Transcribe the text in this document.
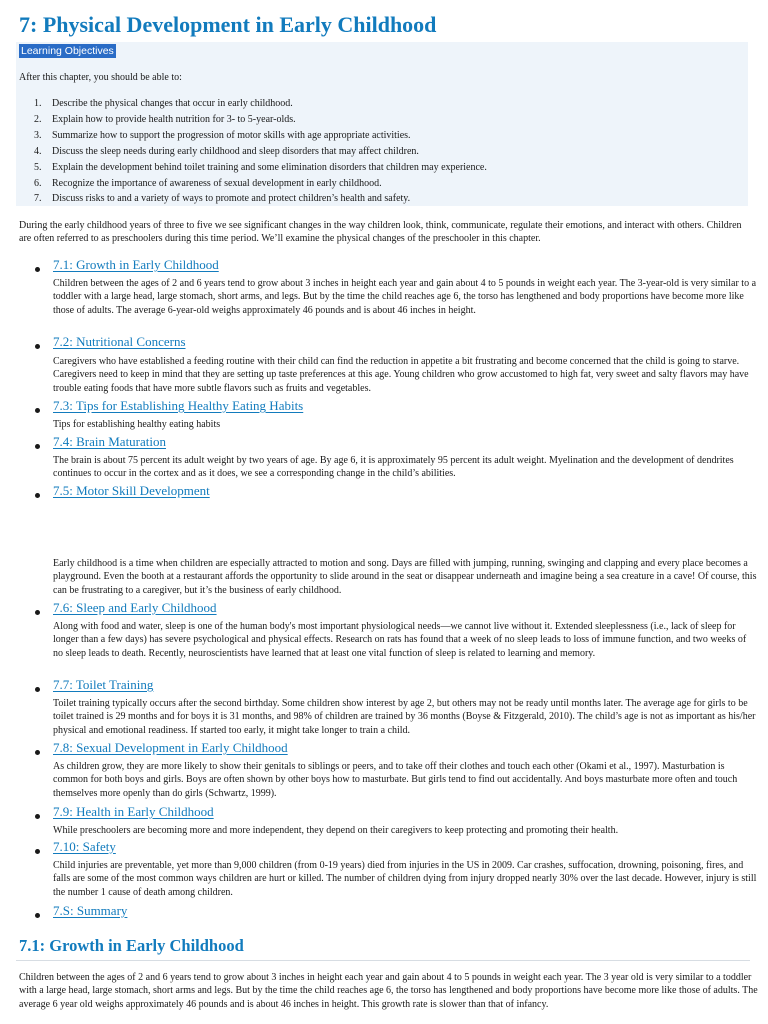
7: Physical Development in Early Childhood
Learning Objectives
After this chapter, you should be able to:
1. Describe the physical changes that occur in early childhood.
2. Explain how to provide health nutrition for 3- to 5-year-olds.
3. Summarize how to support the progression of motor skills with age appropriate activities.
4. Discuss the sleep needs during early childhood and sleep disorders that may affect children.
5. Explain the development behind toilet training and some elimination disorders that children may experience.
6. Recognize the importance of awareness of sexual development in early childhood.
7. Discuss risks to and a variety of ways to promote and protect children’s health and safety.

During the early childhood years of three to five we see significant changes in the way children look, think, communicate, regulate their emotions, and interact with others. Children are often referred to as preschoolers during this time period. We’ll examine the physical changes of the preschooler in this chapter.

7.1: Growth in Early Childhood

Children between the ages of 2 and 6 years tend to grow about 3 inches in height each year and gain about 4 to 5 pounds in weight each year. The 3-year-old is very similar to a toddler with a large head, large stomach, short arms, and legs. But by the time the child reaches age 6, the torso has lengthened and body proportions have become more like those of adults. The average 6-year-old weighs approximately 46 pounds and is about 46 inches in height.

7.2: Nutritional Concerns

Caregivers who have established a feeding routine with their child can find the reduction in appetite a bit frustrating and become concerned that the child is going to starve. Caregivers need to keep in mind that they are setting up taste preferences at this age. Young children who grow accustomed to high fat, very sweet and salty flavors may have trouble eating foods that have more subtle flavors such as fruits and vegetables.

7.3: Tips for Establishing Healthy Eating Habits

Tips for establishing healthy eating habits

7.4: Brain Maturation

The brain is about 75 percent its adult weight by two years of age. By age 6, it is approximately 95 percent its adult weight. Myelination and the development of dendrites continues to occur in the cortex and as it does, we see a corresponding change in the child’s abilities.

7.5: Motor Skill Development

Early childhood is a time when children are especially attracted to motion and song. Days are filled with jumping, running, swinging and clapping and every place becomes a playground. Even the booth at a restaurant affords the opportunity to slide around in the seat or disappear underneath and imagine being a sea creature in a cave! Of course, this can be frustrating to a caregiver, but it’s the business of early childhood.

7.6: Sleep and Early Childhood

Along with food and water, sleep is one of the human body's most important physiological needs—we cannot live without it. Extended sleeplessness (i.e., lack of sleep for longer than a few days) has severe psychological and physical effects. Research on rats has found that a week of no sleep leads to loss of immune function, and two weeks of no sleep leads to death. Recently, neuroscientists have learned that at least one vital function of sleep is related to learning and memory.

7.7: Toilet Training

Toilet training typically occurs after the second birthday. Some children show interest by age 2, but others may not be ready until months later. The average age for girls to be toilet trained is 29 months and for boys it is 31 months, and 98% of children are trained by 36 months (Boyse & Fitzgerald, 2010). The child’s age is not as important as his/her physical and emotional readiness. If started too early, it might take longer to train a child.

7.8: Sexual Development in Early Childhood

As children grow, they are more likely to show their genitals to siblings or peers, and to take off their clothes and touch each other (Okami et al., 1997). Masturbation is common for both boys and girls. Boys are often shown by other boys how to masturbate. But girls tend to find out accidentally. And boys masturbate more often and touch themselves more openly than do girls (Schwartz, 1999).

7.9: Health in Early Childhood

While preschoolers are becoming more and more independent, they depend on their caregivers to keep protecting and promoting their health.

7.10: Safety

Child injuries are preventable, yet more than 9,000 children (from 0-19 years) died from injuries in the US in 2009. Car crashes, suffocation, drowning, poisoning, fires, and falls are some of the most common ways children are hurt or killed. The number of children dying from injury dropped nearly 30% over the last decade. However, injury is still the number 1 cause of death among children.

7.S: Summary
7.1: Growth in Early Childhood

Children between the ages of 2 and 6 years tend to grow about 3 inches in height each year and gain about 4 to 5 pounds in weight each year. The 3 year old is very similar to a toddler with a large head, large stomach, short arms and legs. But by the time the child reaches age 6, the torso has lengthened and body proportions have become more like those of adults. The average 6 year old weighs approximately 46 pounds and is about 46 inches in height. This growth rate is slower than that of infancy.
